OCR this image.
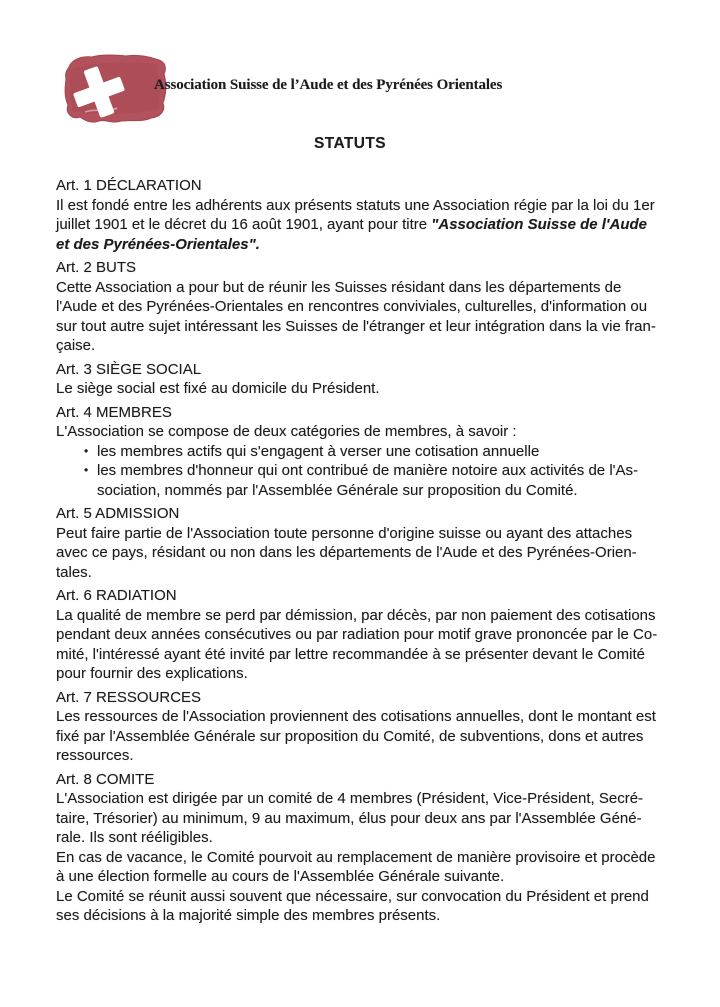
Association Suisse de l’Aude et des Pyrénées Orientales
STATUTS
Art. 1 DÉCLARATION
Il est fondé entre les adhérents aux présents statuts une Association régie par la loi du 1er
juillet 1901 et le décret du 16 août 1901, ayant pour titre "Association Suisse de l'Aude
et des Pyrénées-Orientales".
Art. 2 BUTS
Cette Association a pour but de réunir les Suisses résidant dans les départements de
l'Aude et des Pyrénées-Orientales en rencontres conviviales, culturelles, d'information ou
sur tout autre sujet intéressant les Suisses de l'étranger et leur intégration dans la vie fran-
çaise.
Art. 3 SIÈGE SOCIAL
Le siège social est fixé au domicile du Président.
Art. 4 MEMBRES
L'Association se compose de deux catégories de membres, à savoir :
• les membres actifs qui s'engagent à verser une cotisation annuelle
• les membres d'honneur qui ont contribué de manière notoire aux activités de l'As-
sociation, nommés par l'Assemblée Générale sur proposition du Comité.
Art. 5 ADMISSION
Peut faire partie de l'Association toute personne d'origine suisse ou ayant des attaches
avec ce pays, résidant ou non dans les départements de l'Aude et des Pyrénées-Orien-
tales.
Art. 6 RADIATION
La qualité de membre se perd par démission, par décès, par non paiement des cotisations
pendant deux années consécutives ou par radiation pour motif grave prononcée par le Co-
mité, l'intéressé ayant été invité par lettre recommandée à se présenter devant le Comité
pour fournir des explications.
Art. 7 RESSOURCES
Les ressources de l'Association proviennent des cotisations annuelles, dont le montant est
fixé par l'Assemblée Générale sur proposition du Comité, de subventions, dons et autres
ressources.
Art. 8 COMITE
L'Association est dirigée par un comité de 4 membres (Président, Vice-Président, Secré-
taire, Trésorier) au minimum, 9 au maximum, élus pour deux ans par l'Assemblée Géné-
rale. Ils sont rééligibles.
En cas de vacance, le Comité pourvoit au remplacement de manière provisoire et procède
à une élection formelle au cours de l'Assemblée Générale suivante.
Le Comité se réunit aussi souvent que nécessaire, sur convocation du Président et prend
ses décisions à la majorité simple des membres présents.
